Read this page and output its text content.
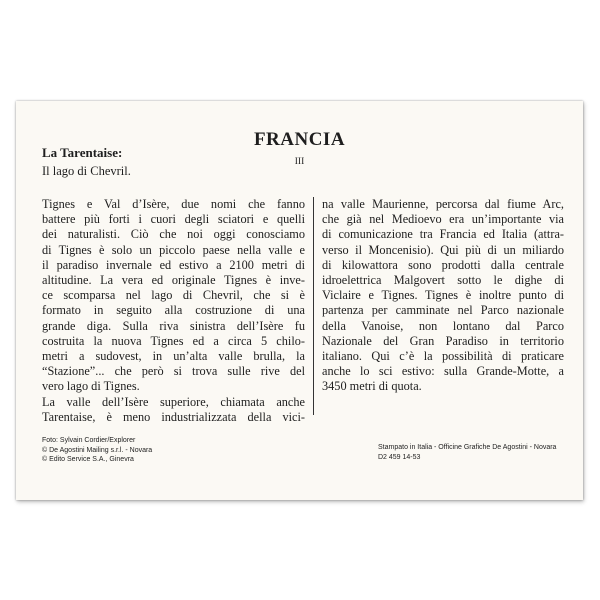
FRANCIA

La Tarentaise:

Il lago di Chevril.

III

Tignes e Val d’Isère, due nomi che fanno
battere più forti i cuori degli sciatori e quelli
dei naturalisti. Ciò che noi oggi conosciamo
di Tignes è solo un piccolo paese nella valle e
il paradiso invernale ed estivo a 2100 metri di
altitudine. La vera ed originale Tignes è inve-
ce scomparsa nel lago di Chevril, che si è
formato in seguito alla costruzione di una
grande diga. Sulla riva sinistra dell’Isère fu
costruita la nuova Tignes ed a circa 5 chilo-
metri a sudovest, in un’alta valle brulla, la
“Stazione”... che però si trova sulle rive del
vero lago di Tignes.
La valle dell’Isère superiore, chiamata anche
Tarentaise, è meno industrializzata della vici-
na valle Maurienne, percorsa dal fiume Arc,
che già nel Medioevo era un’importante via
di comunicazione tra Francia ed Italia (attra-
verso il Moncenisio). Qui più di un miliardo
di kilowattora sono prodotti dalla centrale
idroelettrica Malgovert sotto le dighe di
Viclaire e Tignes. Tignes è inoltre punto di
partenza per camminate nel Parco nazionale
della Vanoise, non lontano dal Parco
Nazionale del Gran Paradiso in territorio
italiano. Qui c’è la possibilità di praticare
anche lo sci estivo: sulla Grande-Motte, a
3450 metri di quota.
Foto: Sylvain Cordier/Explorer
© De Agostini Mailing s.r.l. - Novara
© Edito Service S.A., Ginevra
Stampato in Italia - Officine Grafiche De Agostini - Novara
D2 459 14-53
